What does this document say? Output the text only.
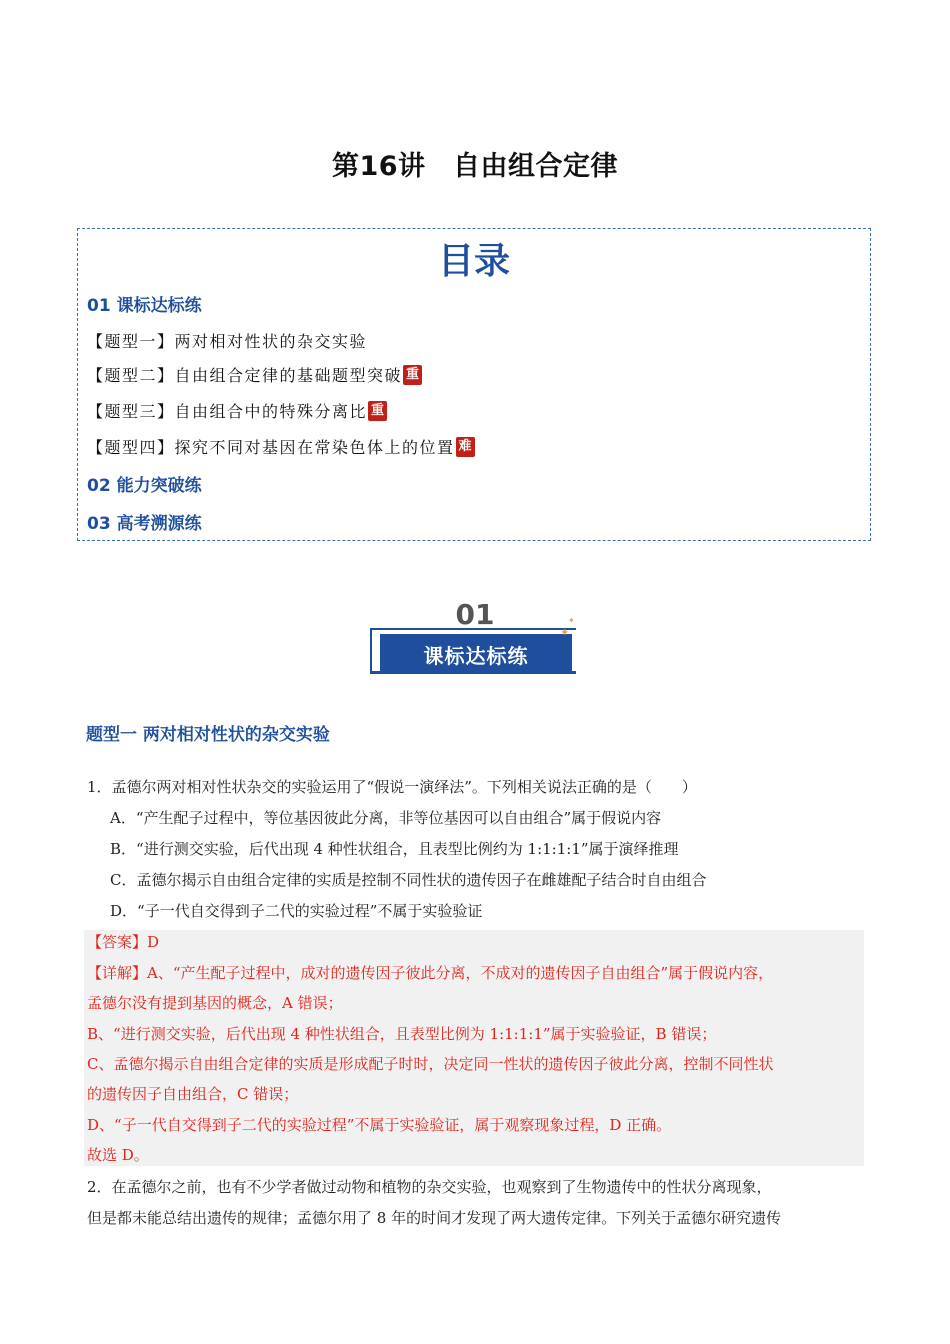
第16讲　自由组合定律
目录
01 课标达标练
【题型一】两对相对性状的杂交实验
【题型二】自由组合定律的基础题型突破 重
【题型三】自由组合中的特殊分离比 重
【题型四】探究不同对基因在常染色体上的位置 难
02 能力突破练
03 高考溯源练
01
课标达标练
✦
✦
题型一 两对相对性状的杂交实验
1．孟德尔两对相对性状杂交的实验运用了“假说一演绎法”。下列相关说法正确的是（　　）
A．“产生配子过程中，等位基因彼此分离，非等位基因可以自由组合”属于假说内容
B．“进行测交实验，后代出现 4 种性状组合，且表型比例约为 1:1:1:1”属于演绎推理
C．孟德尔揭示自由组合定律的实质是控制不同性状的遗传因子在雌雄配子结合时自由组合
D．“子一代自交得到子二代的实验过程”不属于实验验证
【答案】D
【详解】A、“产生配子过程中，成对的遗传因子彼此分离，不成对的遗传因子自由组合”属于假说内容，
孟德尔没有提到基因的概念，A 错误；
B、“进行测交实验，后代出现 4 种性状组合，且表型比例为 1:1:1:1”属于实验验证，B 错误；
C、孟德尔揭示自由组合定律的实质是形成配子时时，决定同一性状的遗传因子彼此分离，控制不同性状
的遗传因子自由组合，C 错误；
D、“子一代自交得到子二代的实验过程”不属于实验验证，属于观察现象过程，D 正确。
故选 D。
2．在孟德尔之前，也有不少学者做过动物和植物的杂交实验，也观察到了生物遗传中的性状分离现象，
但是都未能总结出遗传的规律；孟德尔用了 8 年的时间才发现了两大遗传定律。下列关于孟德尔研究遗传
